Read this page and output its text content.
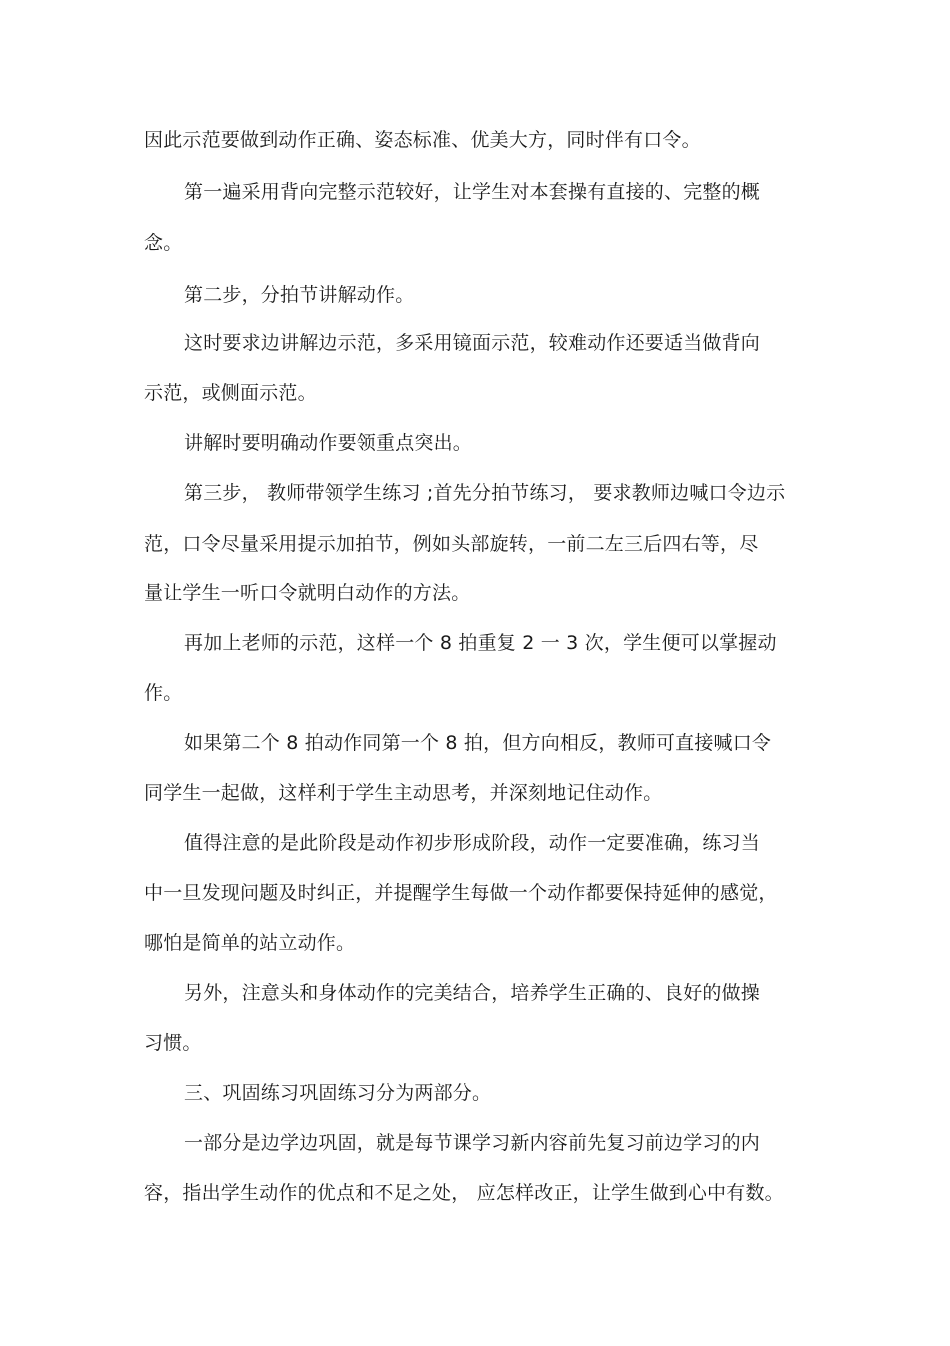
因此示范要做到动作正确、姿态标准、优美大方，同时伴有口令。
第一遍采用背向完整示范较好，让学生对本套操有直接的、完整的概
念。
第二步，分拍节讲解动作。
这时要求边讲解边示范，多采用镜面示范，较难动作还要适当做背向
示范，或侧面示范。
讲解时要明确动作要领重点突出。
第三步， 教师带领学生练习 ;首先分拍节练习， 要求教师边喊口令边示
范，口令尽量采用提示加拍节，例如头部旋转，一前二左三后四右等，尽
量让学生一听口令就明白动作的方法。
再加上老师的示范，这样一个 8 拍重复 2 一 3 次，学生便可以掌握动
作。
如果第二个 8 拍动作同第一个 8 拍，但方向相反，教师可直接喊口令
同学生一起做，这样利于学生主动思考，并深刻地记住动作。
值得注意的是此阶段是动作初步形成阶段，动作一定要准确，练习当
中一旦发现问题及时纠正，并提醒学生每做一个动作都要保持延伸的感觉，
哪怕是简单的站立动作。
另外，注意头和身体动作的完美结合，培养学生正确的、良好的做操
习惯。
三、巩固练习巩固练习分为两部分。
一部分是边学边巩固，就是每节课学习新内容前先复习前边学习的内
容，指出学生动作的优点和不足之处， 应怎样改正，让学生做到心中有数。
